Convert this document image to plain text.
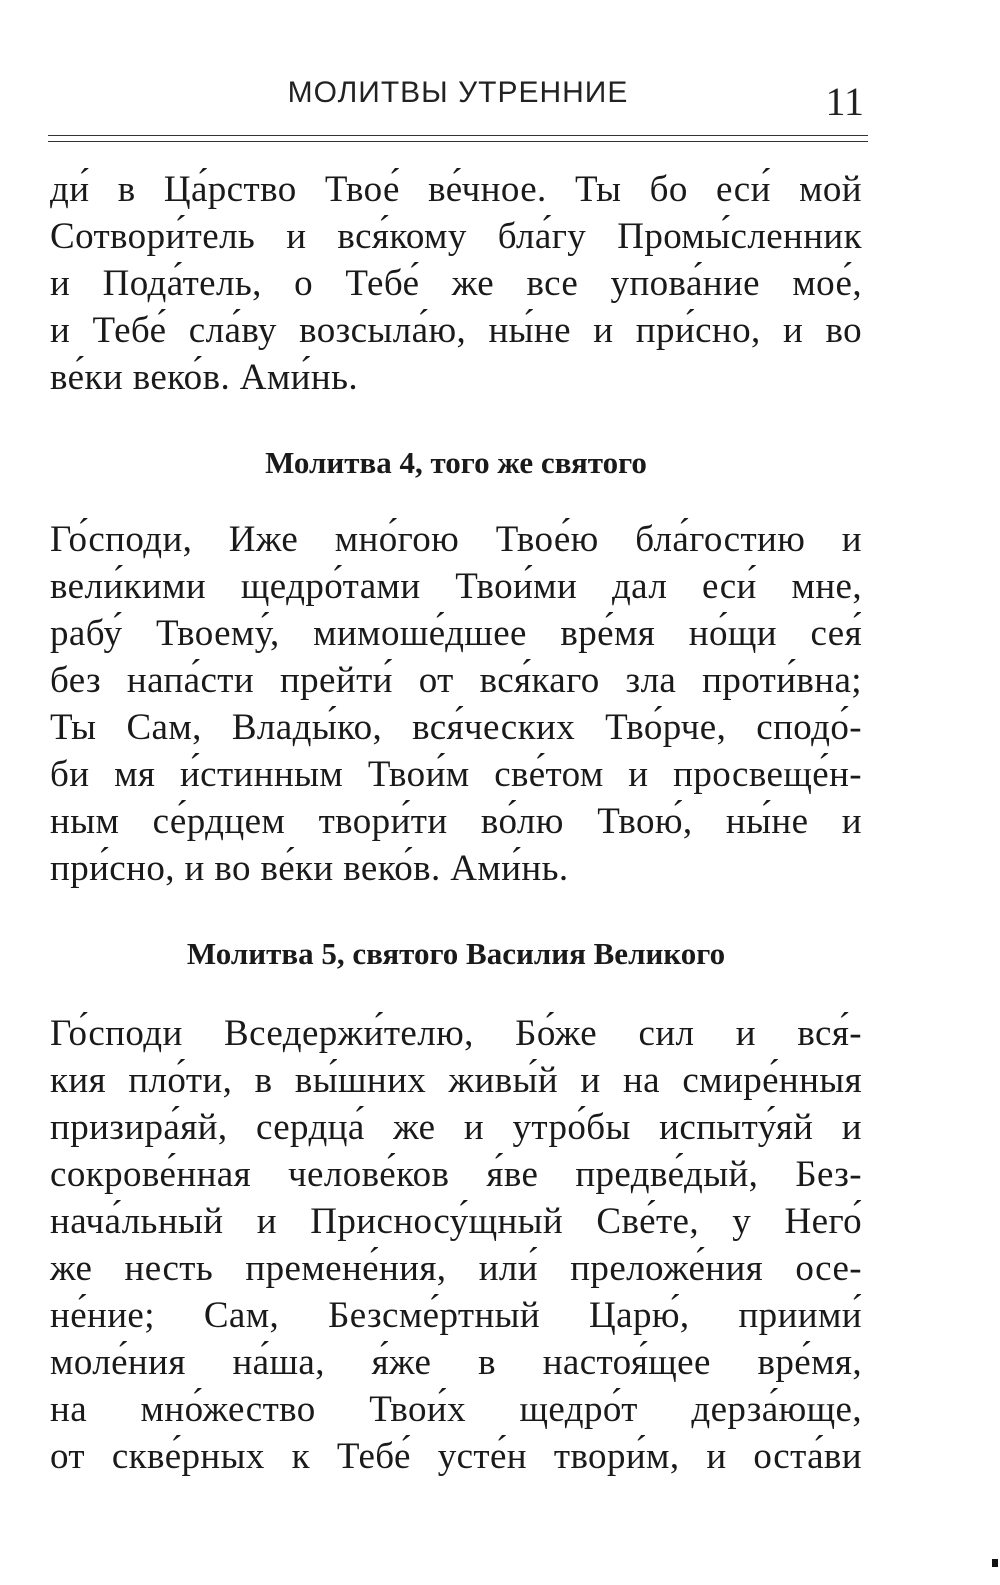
МОЛИТВЫ УТРЕННИЕ	11
ди́ в Ца́рство Твое́ ве́чное. Ты бо еси́ мой
Сотвори́тель и вся́кому бла́гу Промы́сленник
и Пода́тель, о Тебе́ же все упова́ние мое́,
и Тебе́ сла́ву возсыла́ю, ны́не и при́сно, и во
ве́ки веко́в. Ами́нь.
Молитва 4, того же святого
Го́споди, Иже мно́гою Твое́ю бла́гостию и
вели́кими щедро́тами Твои́ми дал еси́ мне,
рабу́ Твоему́, мимоше́дшее вре́мя но́щи сея́
без напа́сти прейти́ от вся́каго зла проти́вна;
Ты Сам, Влады́ко, вся́ческих Тво́рче, сподо́-
би мя и́стинным Твои́м све́том и просвеще́н-
ным се́рдцем твори́ти во́лю Твою́, ны́не и
при́сно, и во ве́ки веко́в. Ами́нь.
Молитва 5, святого Василия Великого
Го́споди Вседержи́телю, Бо́же сил и вся́-
кия пло́ти, в вы́шних живы́й и на смире́нныя
призира́яй, сердца́ же и утро́бы испыту́яй и
сокрове́нная челове́ков я́ве предве́дый, Без-
нача́льный и Присносу́щный Све́те, у Него́
же несть премене́ния, или́ преложе́ния осе-
не́ние; Сам, Безсме́ртный Царю́, приими́
моле́ния на́ша, я́же в настоя́щее вре́мя,
на мно́жество Твои́х щедро́т дерза́юще,
от скве́рных к Тебе́ усте́н твори́м, и оста́ви
